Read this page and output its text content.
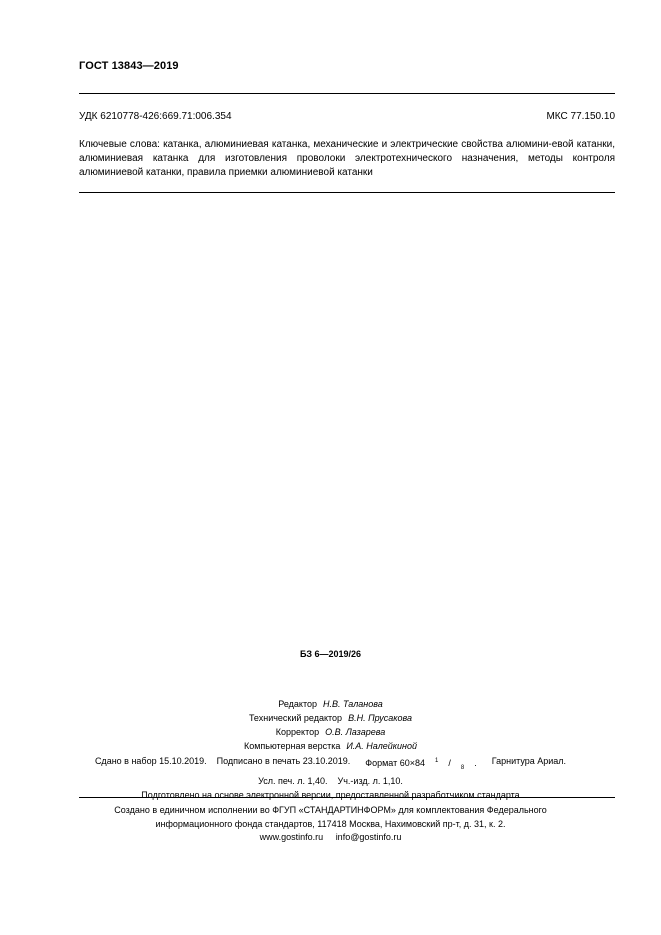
ГОСТ 13843—2019
УДК 6210778-426:669.71:006.354	МКС 77.150.10
Ключевые слова: катанка, алюминиевая катанка, механические и электрические свойства алюмини-евой катанки, алюминиевая катанка для изготовления проволоки электротехнического назначения, методы контроля алюминиевой катанки, правила приемки алюминиевой катанки
БЗ 6—2019/26
Редактор Н.В. Таланова
Технический редактор В.Н. Прусакова
Корректор О.В. Лазарева
Компьютерная верстка И.А. Налейкиной
Сдано в набор 15.10.2019. Подписано в печать 23.10.2019.	Формат 60×84 $^1$ / $_8$ .	Гарнитура Ариал.
Усл. печ. л. 1,40. Уч.-изд. л. 1,10.
Подготовлено на основе электронной версии, предоставленной разработчиком стандарта
Создано в единичном исполнении во ФГУП «СТАНДАРТИНФОРМ» для комплектования Федерального
информационного фонда стандартов, 117418 Москва, Нахимовский пр-т, д. 31, к. 2.
www.gostinfo.ru info@gostinfo.ru
